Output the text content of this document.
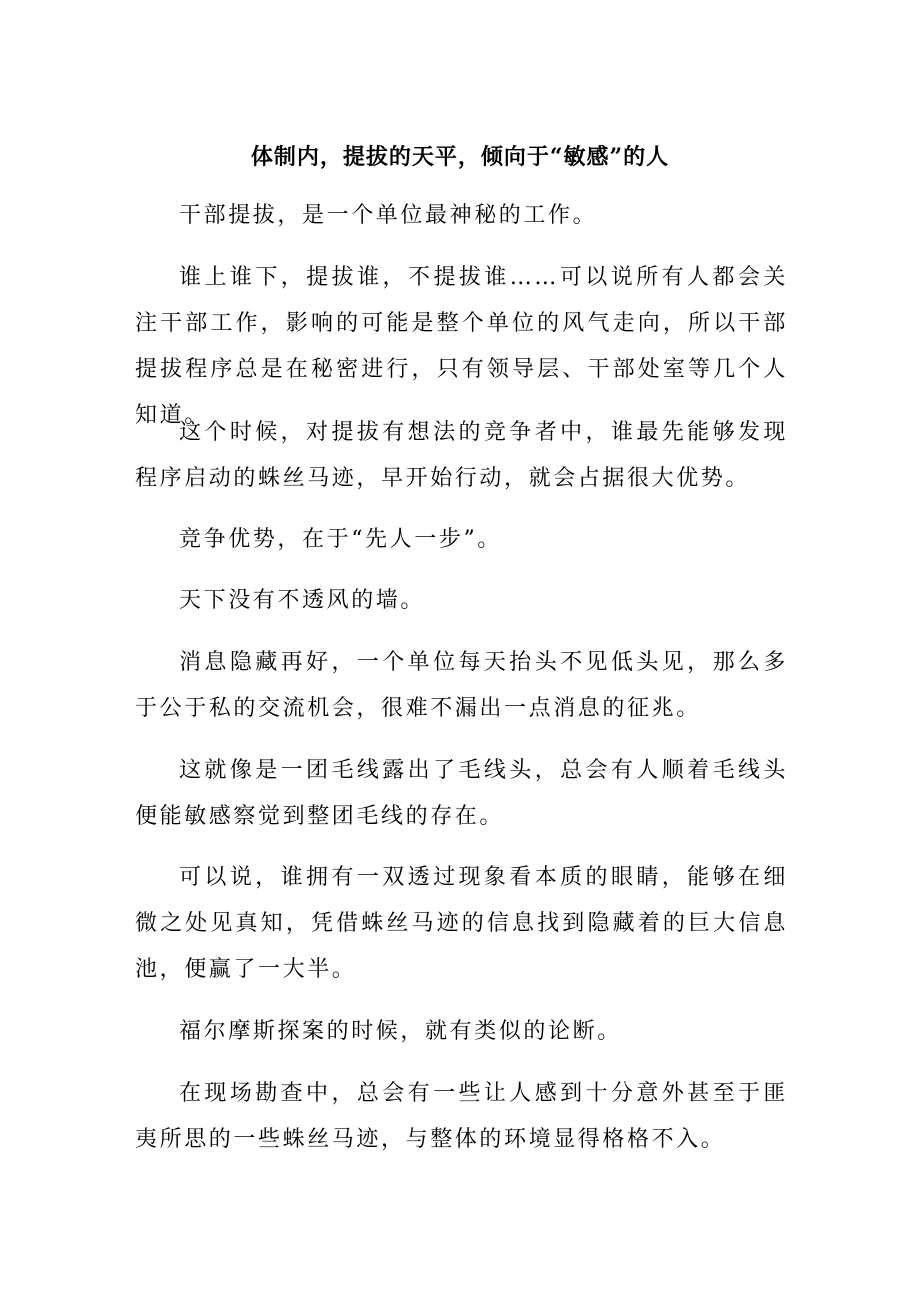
体制内，提拔的天平，倾向于“敏感”的人

干部提拔，是一个单位最神秘的工作。

谁上谁下，提拔谁，不提拔谁……可以说所有人都会关注干部工作，影响的可能是整个单位的风气走向，所以干部提拔程序总是在秘密进行，只有领导层、干部处室等几个人知道。

这个时候，对提拔有想法的竞争者中，谁最先能够发现程序启动的蛛丝马迹，早开始行动，就会占据很大优势。

竞争优势，在于“先人一步”。

天下没有不透风的墙。

消息隐藏再好，一个单位每天抬头不见低头见，那么多于公于私的交流机会，很难不漏出一点消息的征兆。

这就像是一团毛线露出了毛线头，总会有人顺着毛线头便能敏感察觉到整团毛线的存在。

可以说，谁拥有一双透过现象看本质的眼睛，能够在细微之处见真知，凭借蛛丝马迹的信息找到隐藏着的巨大信息池，便赢了一大半。

福尔摩斯探案的时候，就有类似的论断。

在现场勘查中，总会有一些让人感到十分意外甚至于匪夷所思的一些蛛丝马迹，与整体的环境显得格格不入。
